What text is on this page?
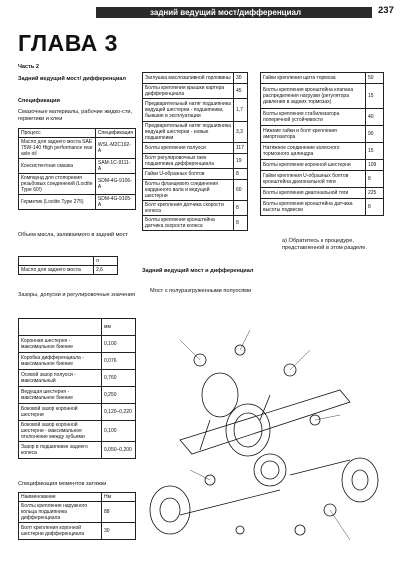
задний ведущий мост/дифференциал	237
ГЛАВА 3
Часть 2
Задний ведущий мост/ дифференциал
Спецификации
Смазочные материалы, рабочие жидко-сти, герметики и клеи
Процесс	Спецификация
Масло для заднего моста SAE 75W-140 High performance rear axle oil	WSL-M2C192-A
Консистентная смазка	SAM-1C-9111-A
Компаунд для стопорения резьбовых соединений (Loctite Type 60!)	SDM-4G-9106-A
Герметик (Loctite Type 275)	SDM-4G-9105-A
Объем масла, заливаемого в задний мост
	л
Масло для заднего моста	2,6
Зазоры, допуски и регулировочные значения
	мм
Коронная шестерня - максимальное биение	0,100
Коробка дифференциала - максимальное биение	0,076
Осевой зазор полуоси - максимальный	0,760
Ведущая шестерня - максимальное биение	0,250
Боковой зазор коронной шестерни	0,120–0,220
Боковой зазор коронной шестерни - максимальное отклонение между зубьями	0,100
Зазор в подшипнике заднего колеса	0,050–0,200
Спецификация моментов затяжки
Наименование	Нм
Болты крепления наружного кольца подшипника дифференциала	88
Болт крепления коронной шестерни дифференциала	30
Заглушка маслозаливной горловины	30
Болты крепления крышки картера дифференциала	45
Предварительный натяг подшипника ведущей шестерни - подшипники, бывшие в эксплуатации	1,7
Предварительный натяг подшипника ведущей шестерни - новые подшипники	3,3
Болты крепления полуоси	117
Болт регулировочных гаек подшипника дифференциала	19
Гайки U-образных болтов	8
Болты фланцевого соединения карданного вала и ведущей шестерни	60
Болт крепления датчика скорости колеса	8
Болты крепления кронштейна датчика скорости колеса	8
Гайки крепления щита тормоза	50
Болты крепления кронштейна клапана распределения нагрузки (регулятора давления в задних тормозах)	15
Болты крепления стабилизатора поперечной устойчивости	40
Нижние гайки и болт крепления амортизатора	90
Натяжное соединение колесного тормозного цилиндра	15
Болты крепления коронной шестерни	109
Гайки крепления U-образных болтов кронштейна диагональной тяги	8
Болты крепления диагональной тяги	225
Болты крепления кронштейна датчика высоты подвески	8
a) Обратитесь к процедуре, представленной в этом разделе.
Задний ведущий мост и дифференциал
Мост с полуразгруженными полуосями
